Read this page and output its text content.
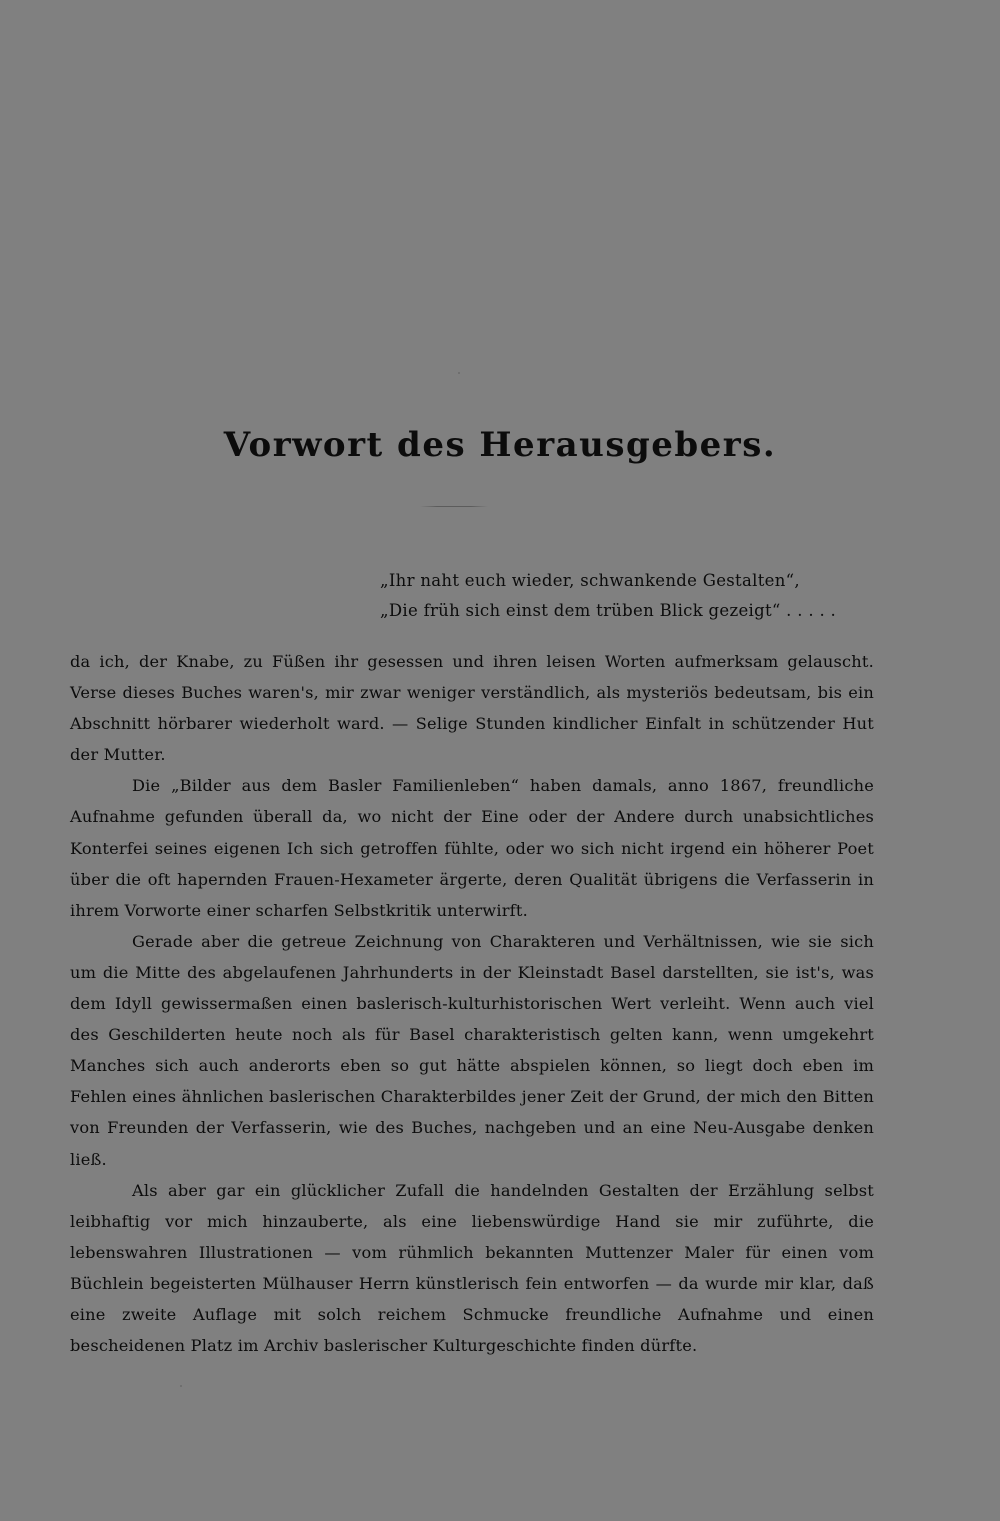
Vorwort des Herausgebers.
„Ihr naht euch wieder, schwankende Gestalten“,
„Die früh sich einst dem trüben Blick gezeigt“ . . . . .

da ich, der Knabe, zu Füßen ihr gesessen und ihren leisen Worten aufmerksam gelauscht. Verse dieses Buches waren's, mir zwar weniger verständlich, als mysteriös bedeutsam, bis ein Abschnitt hörbarer wiederholt ward. — Selige Stunden kindlicher Einfalt in schützender Hut der Mutter.

Die „Bilder aus dem Basler Familienleben“ haben damals, anno 1867, freundliche Aufnahme gefunden überall da, wo nicht der Eine oder der Andere durch unabsichtliches Konterfei seines eigenen Ich sich getroffen fühlte, oder wo sich nicht irgend ein höherer Poet über die oft hapernden Frauen-Hexameter ärgerte, deren Qualität übrigens die Verfasserin in ihrem Vorworte einer scharfen Selbstkritik unterwirft.

Gerade aber die getreue Zeichnung von Charakteren und Verhältnissen, wie sie sich um die Mitte des abgelaufenen Jahrhunderts in der Kleinstadt Basel darstellten, sie ist's, was dem Idyll gewissermaßen einen baslerisch-kulturhistorischen Wert verleiht. Wenn auch viel des Geschilderten heute noch als für Basel charakteristisch gelten kann, wenn umgekehrt Manches sich auch anderorts eben so gut hätte abspielen können, so liegt doch eben im Fehlen eines ähnlichen baslerischen Charakterbildes jener Zeit der Grund, der mich den Bitten von Freunden der Verfasserin, wie des Buches, nachgeben und an eine Neu-Ausgabe denken ließ.

Als aber gar ein glücklicher Zufall die handelnden Gestalten der Erzählung selbst leibhaftig vor mich hinzauberte, als eine liebenswürdige Hand sie mir zuführte, die lebenswahren Illustrationen — vom rühmlich bekannten Muttenzer Maler für einen vom Büchlein begeisterten Mülhauser Herrn künstlerisch fein entworfen — da wurde mir klar, daß eine zweite Auflage mit solch reichem Schmucke freundliche Aufnahme und einen bescheidenen Platz im Archiv baslerischer Kulturgeschichte finden dürfte.
